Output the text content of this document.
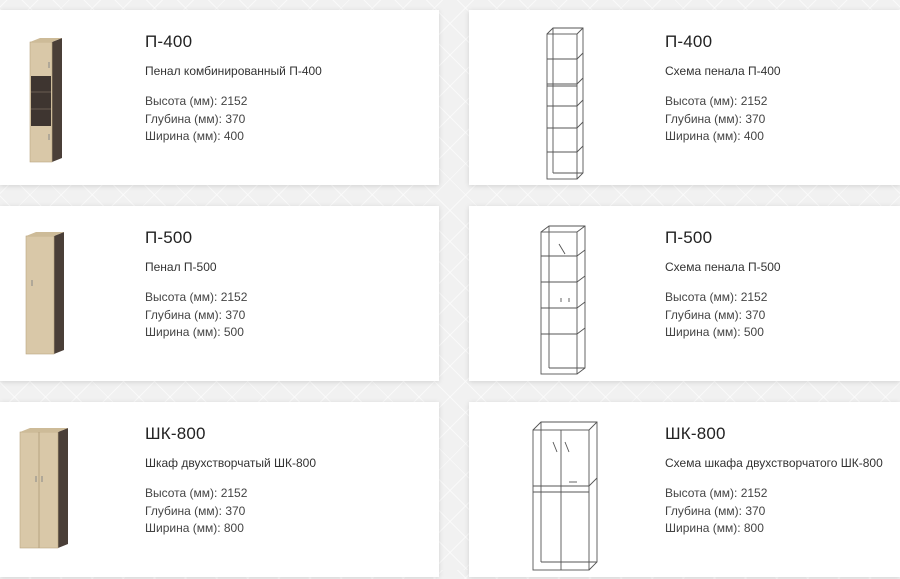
П-400

Пенал комбинированный П-400

Высота (мм): 2152
Глубина (мм): 370
Ширина (мм): 400
П-400

Схема пенала П-400

Высота (мм): 2152
Глубина (мм): 370
Ширина (мм): 400
П-500

Пенал П-500

Высота (мм): 2152
Глубина (мм): 370
Ширина (мм): 500
П-500

Схема пенала П-500

Высота (мм): 2152
Глубина (мм): 370
Ширина (мм): 500
ШК-800

Шкаф двухстворчатый ШК-800

Высота (мм): 2152
Глубина (мм): 370
Ширина (мм): 800
ШК-800

Схема шкафа двухстворчатого ШК-800

Высота (мм): 2152
Глубина (мм): 370
Ширина (мм): 800
